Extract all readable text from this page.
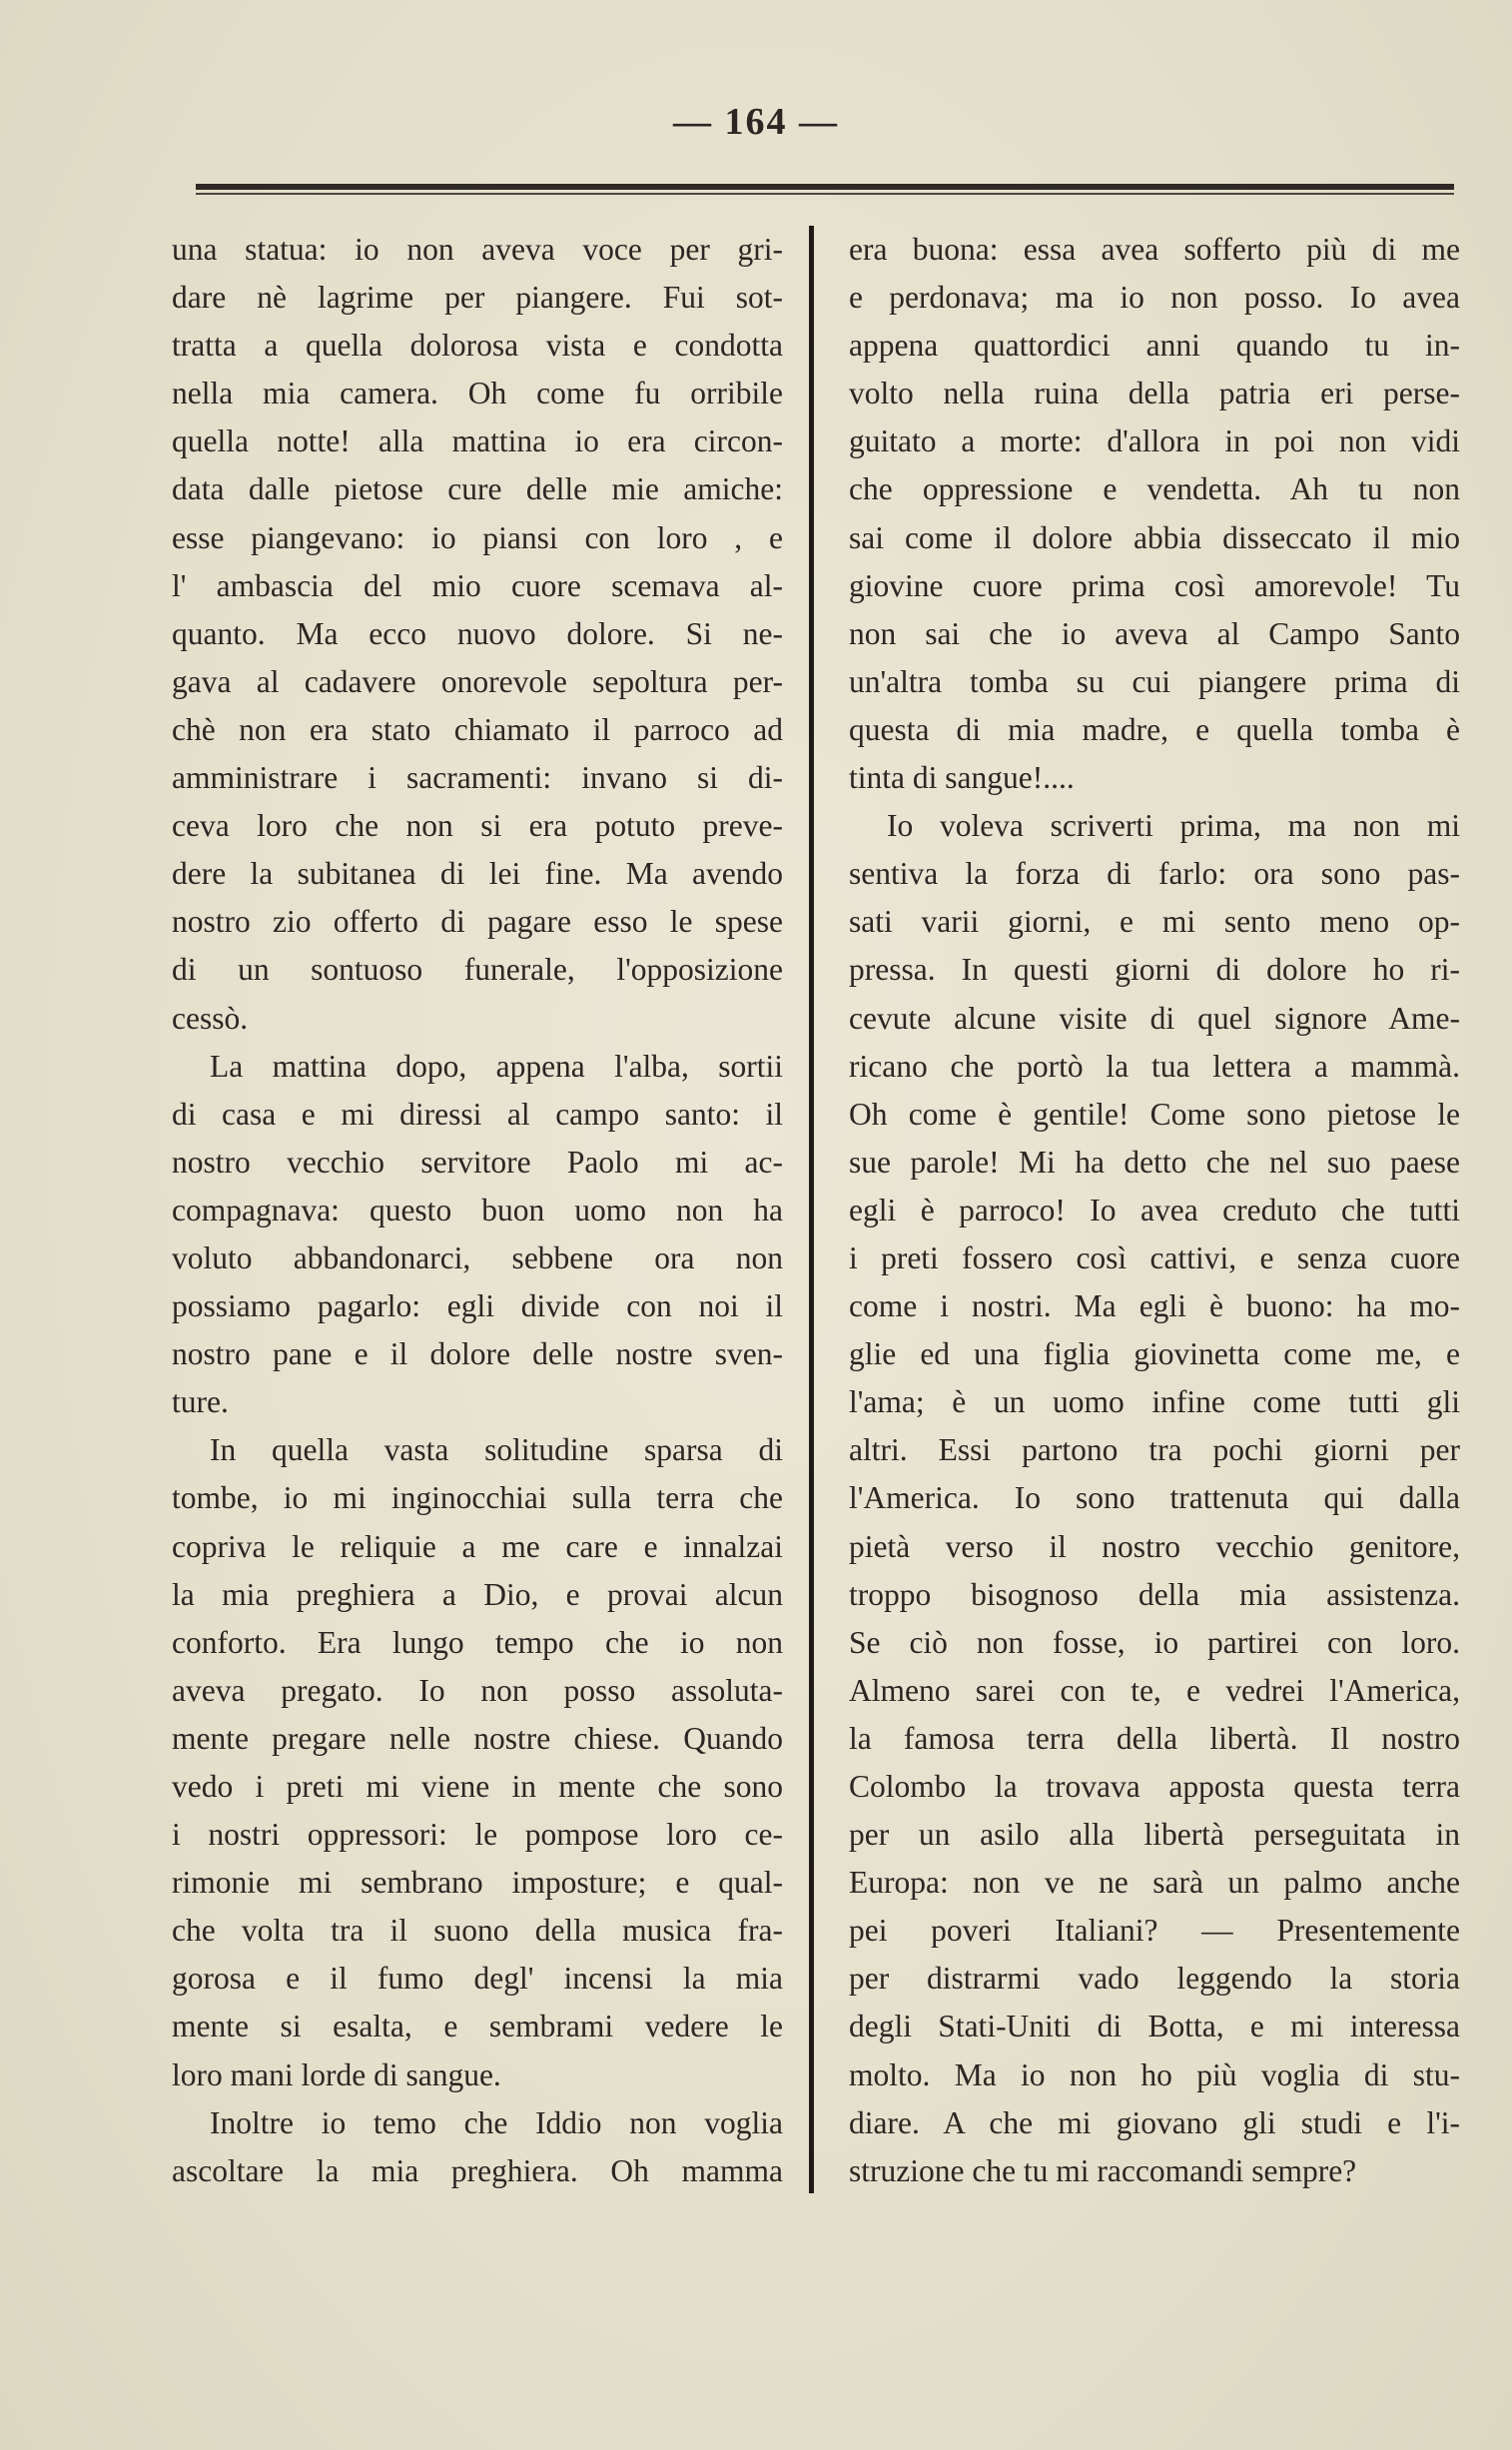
— 164 —
una statua: io non aveva voce per gri-
dare nè lagrime per piangere. Fui sot-
tratta a quella dolorosa vista e condotta
nella mia camera. Oh come fu orribile
quella notte! alla mattina io era circon-
data dalle pietose cure delle mie amiche:
esse piangevano: io piansi con loro , e
l' ambascia del mio cuore scemava al-
quanto. Ma ecco nuovo dolore. Si ne-
gava al cadavere onorevole sepoltura per-
chè non era stato chiamato il parroco ad
amministrare i sacramenti: invano si di-
ceva loro che non si era potuto preve-
dere la subitanea di lei fine. Ma avendo
nostro zio offerto di pagare esso le spese
di un sontuoso funerale, l'opposizione
cessò.
La mattina dopo, appena l'alba, sortii
di casa e mi diressi al campo santo: il
nostro vecchio servitore Paolo mi ac-
compagnava: questo buon uomo non ha
voluto abbandonarci, sebbene ora non
possiamo pagarlo: egli divide con noi il
nostro pane e il dolore delle nostre sven-
ture.
In quella vasta solitudine sparsa di
tombe, io mi inginocchiai sulla terra che
copriva le reliquie a me care e innalzai
la mia preghiera a Dio, e provai alcun
conforto. Era lungo tempo che io non
aveva pregato. Io non posso assoluta-
mente pregare nelle nostre chiese. Quando
vedo i preti mi viene in mente che sono
i nostri oppressori: le pompose loro ce-
rimonie mi sembrano imposture; e qual-
che volta tra il suono della musica fra-
gorosa e il fumo degl' incensi la mia
mente si esalta, e sembrami vedere le
loro mani lorde di sangue.
Inoltre io temo che Iddio non voglia
ascoltare la mia preghiera. Oh mamma
era buona: essa avea sofferto più di me
e perdonava; ma io non posso. Io avea
appena quattordici anni quando tu in-
volto nella ruina della patria eri perse-
guitato a morte: d'allora in poi non vidi
che oppressione e vendetta. Ah tu non
sai come il dolore abbia disseccato il mio
giovine cuore prima così amorevole! Tu
non sai che io aveva al Campo Santo
un'altra tomba su cui piangere prima di
questa di mia madre, e quella tomba è
tinta di sangue!....
Io voleva scriverti prima, ma non mi
sentiva la forza di farlo: ora sono pas-
sati varii giorni, e mi sento meno op-
pressa. In questi giorni di dolore ho ri-
cevute alcune visite di quel signore Ame-
ricano che portò la tua lettera a mammà.
Oh come è gentile! Come sono pietose le
sue parole! Mi ha detto che nel suo paese
egli è parroco! Io avea creduto che tutti
i preti fossero così cattivi, e senza cuore
come i nostri. Ma egli è buono: ha mo-
glie ed una figlia giovinetta come me, e
l'ama; è un uomo infine come tutti gli
altri. Essi partono tra pochi giorni per
l'America. Io sono trattenuta qui dalla
pietà verso il nostro vecchio genitore,
troppo bisognoso della mia assistenza.
Se ciò non fosse, io partirei con loro.
Almeno sarei con te, e vedrei l'America,
la famosa terra della libertà. Il nostro
Colombo la trovava apposta questa terra
per un asilo alla libertà perseguitata in
Europa: non ve ne sarà un palmo anche
pei poveri Italiani? — Presentemente
per distrarmi vado leggendo la storia
degli Stati-Uniti di Botta, e mi interessa
molto. Ma io non ho più voglia di stu-
diare. A che mi giovano gli studi e l'i-
struzione che tu mi raccomandi sempre?
